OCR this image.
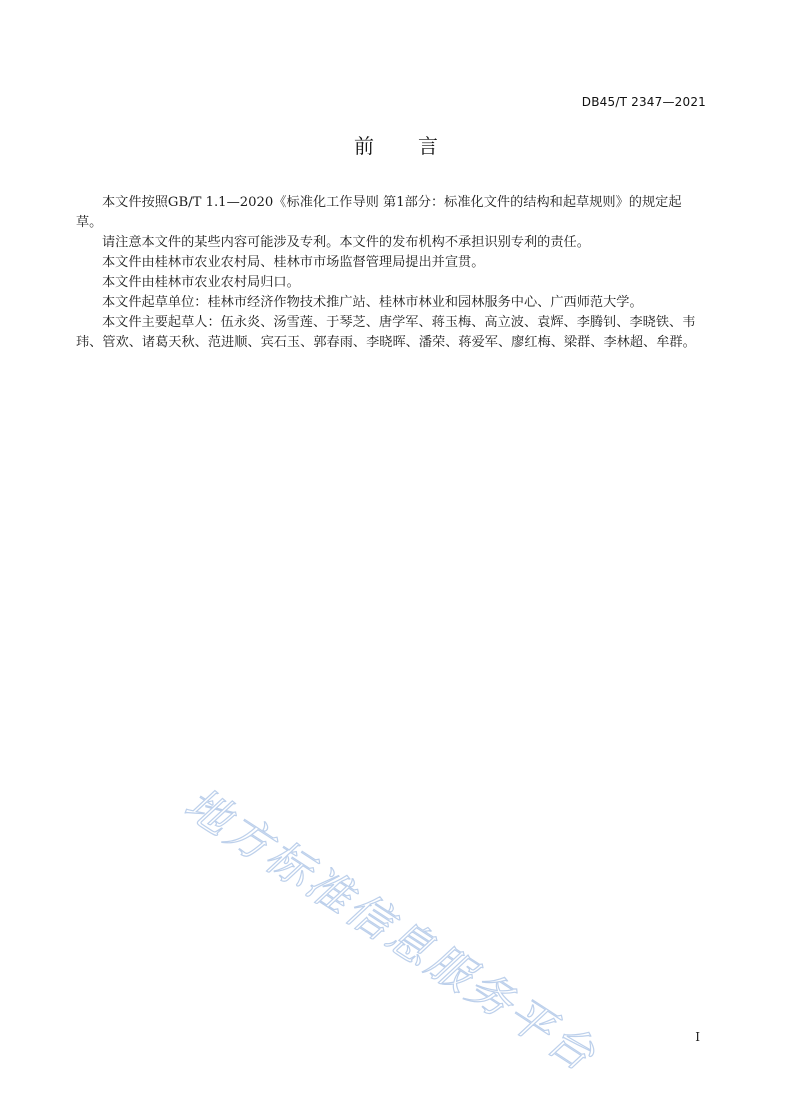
DB45/T 2347—2021
前言

本文件按照GB/T 1.1—2020《标准化工作导则 第1部分：标准化文件的结构和起草规则》的规定起草。

请注意本文件的某些内容可能涉及专利。本文件的发布机构不承担识别专利的责任。

本文件由桂林市农业农村局、桂林市市场监督管理局提出并宣贯。

本文件由桂林市农业农村局归口。

本文件起草单位：桂林市经济作物技术推广站、桂林市林业和园林服务中心、广西师范大学。

本文件主要起草人：伍永炎、汤雪莲、于琴芝、唐学军、蒋玉梅、高立波、袁辉、李腾钊、李晓铁、韦玮、管欢、诸葛天秋、范进顺、宾石玉、郭春雨、李晓晖、潘荣、蒋爱军、廖红梅、梁群、李林超、牟群。

地方标准信息服务平台	I
